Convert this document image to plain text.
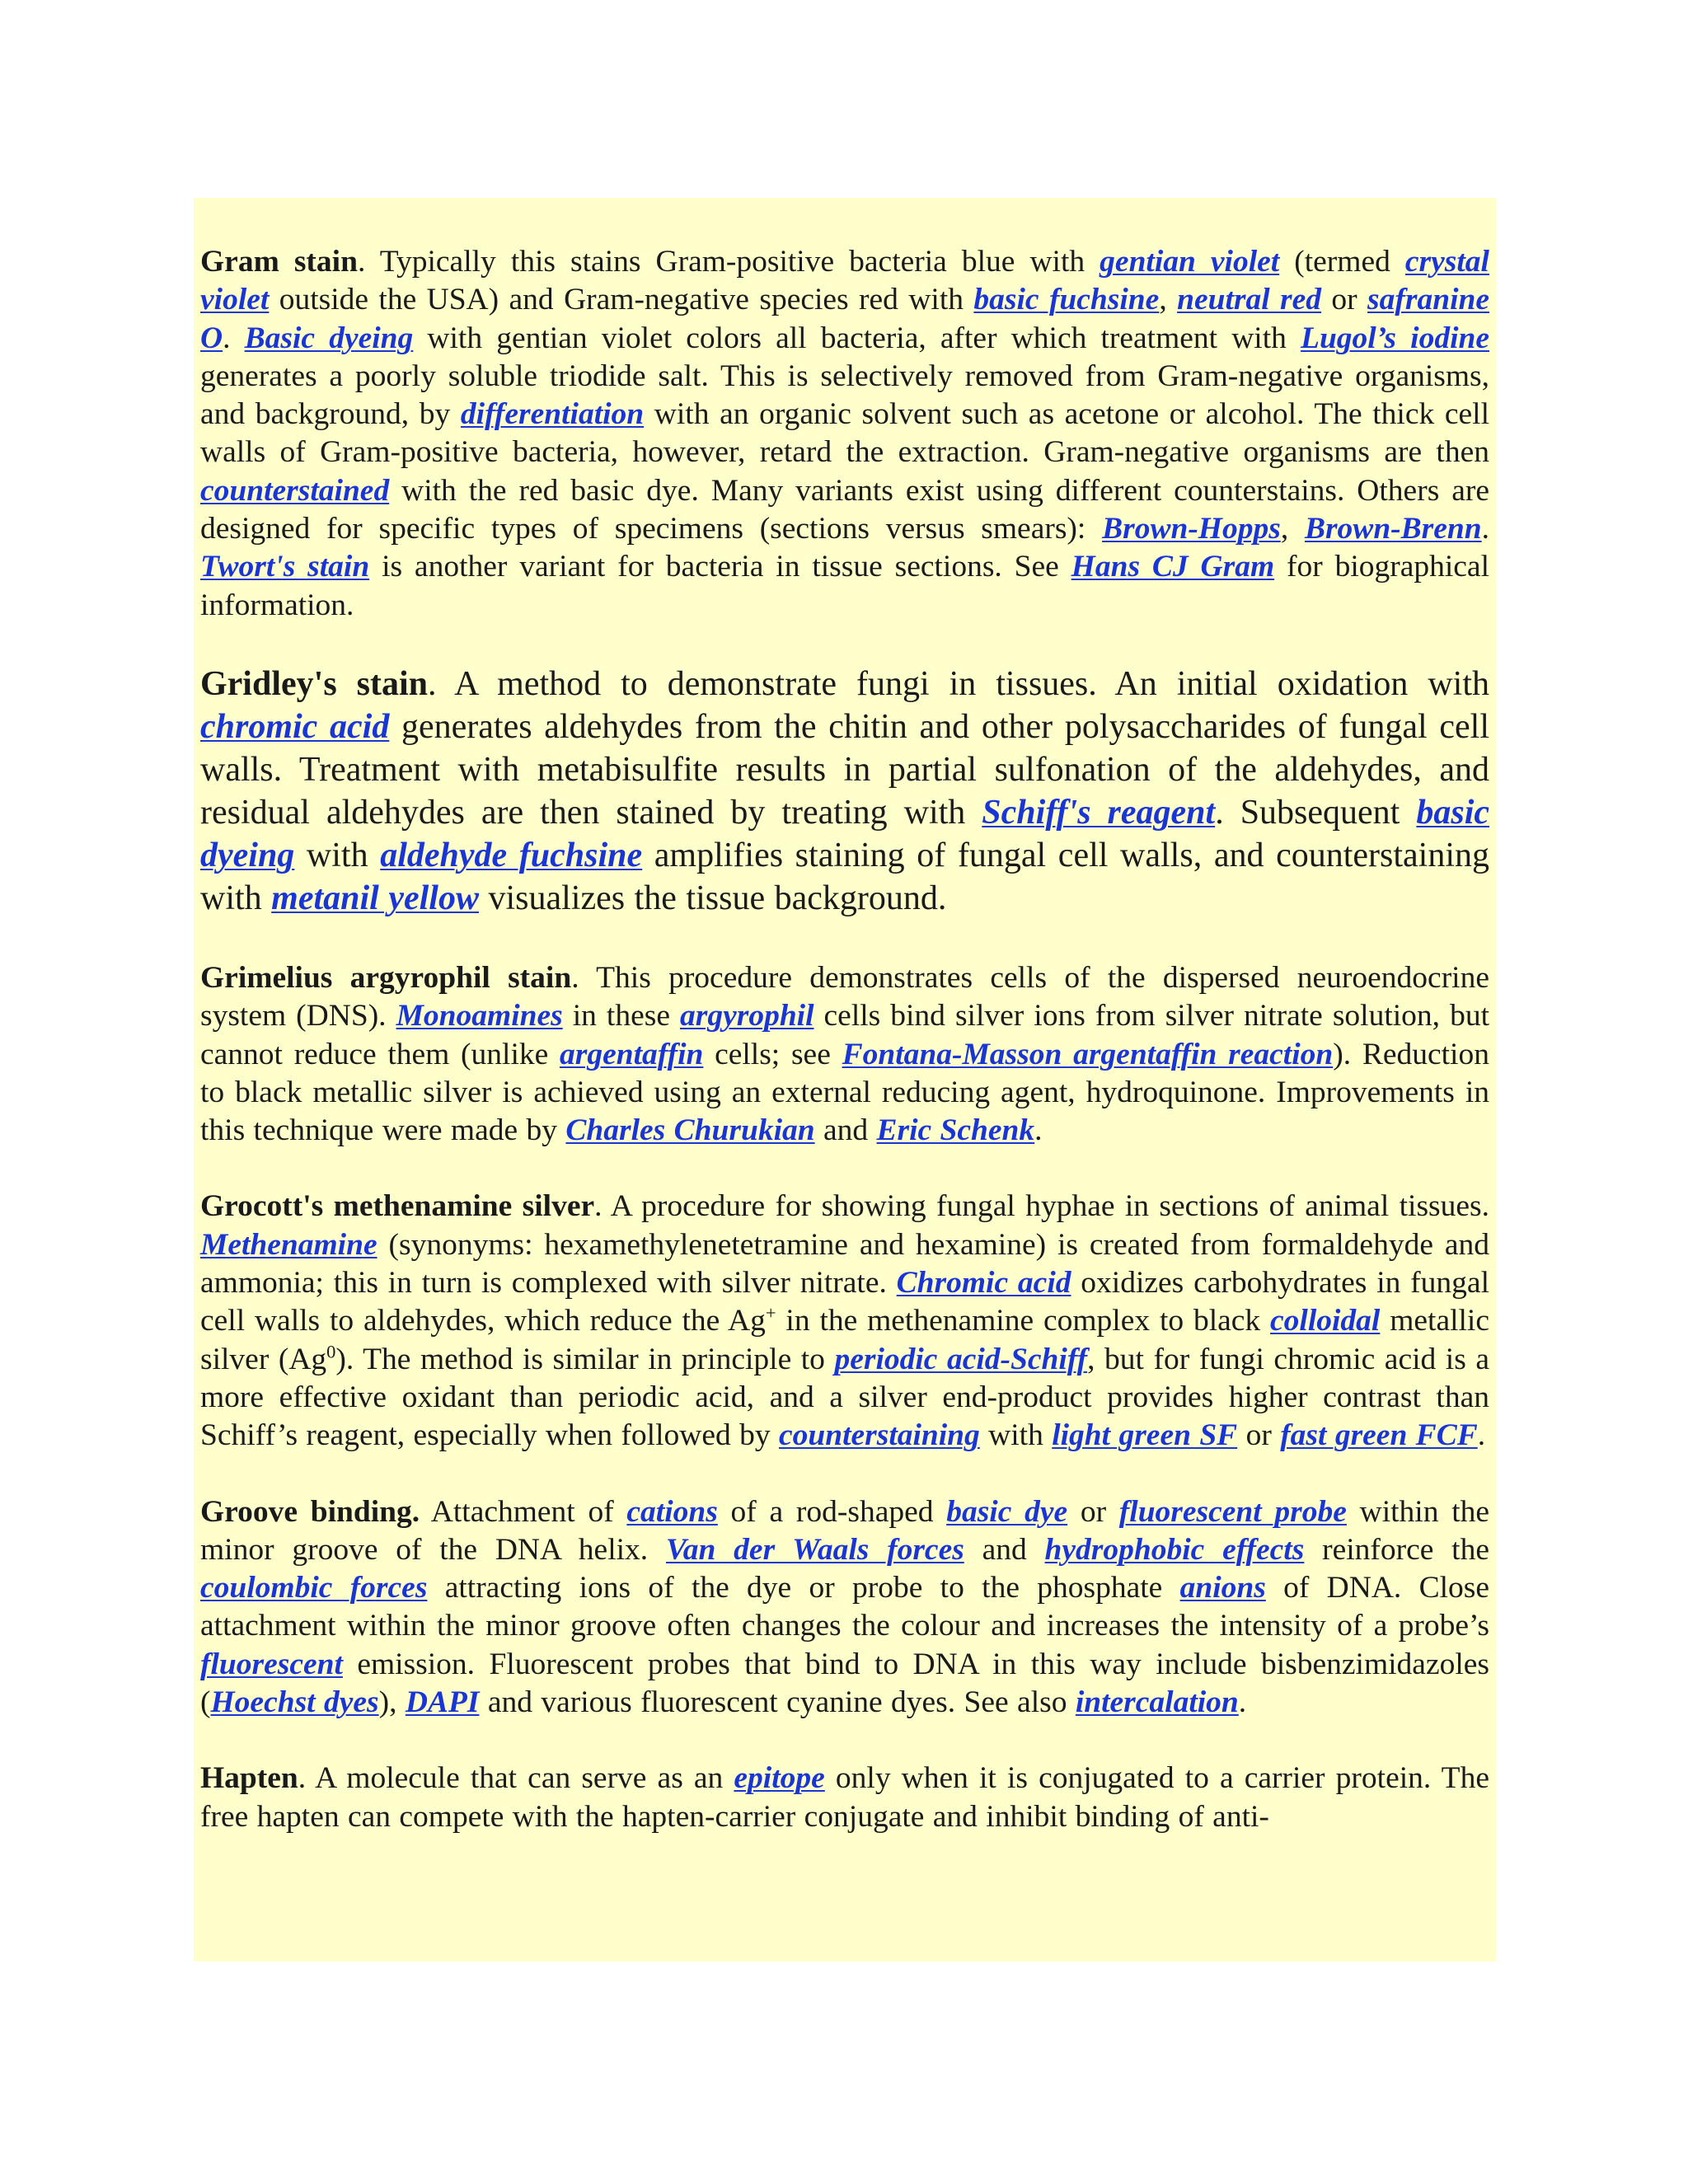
Gram stain. Typically this stains Gram-positive bacteria blue with gentian violet (termed crystal violet outside the USA) and Gram-negative species red with basic fuchsine, neutral red or safranine O. Basic dyeing with gentian violet colors all bacteria, after which treatment with Lugol’s iodine generates a poorly soluble triodide salt. This is selectively removed from Gram-negative organisms, and background, by differentiation with an organic solvent such as acetone or alcohol. The thick cell walls of Gram-positive bacteria, however, retard the extraction. Gram-negative organisms are then counterstained with the red basic dye. Many variants exist using different counterstains. Others are designed for specific types of specimens (sections versus smears): Brown-Hopps, Brown-Brenn. Twort's stain is another variant for bacteria in tissue sections. See Hans CJ Gram for biographical information.

Gridley's stain. A method to demonstrate fungi in tissues. An initial oxidation with chromic acid generates aldehydes from the chitin and other polysaccharides of fungal cell walls. Treatment with metabisulfite results in partial sulfonation of the aldehydes, and residual aldehydes are then stained by treating with Schiff's reagent. Subsequent basic dyeing with aldehyde fuchsine amplifies staining of fungal cell walls, and counterstaining with metanil yellow visualizes the tissue background.

Grimelius argyrophil stain. This procedure demonstrates cells of the dispersed neuroendocrine system (DNS). Monoamines in these argyrophil cells bind silver ions from silver nitrate solution, but cannot reduce them (unlike argentaffin cells; see Fontana-Masson argentaffin reaction). Reduction to black metallic silver is achieved using an external reducing agent, hydroquinone. Improvements in this technique were made by Charles Churukian and Eric Schenk.

Grocott's methenamine silver. A procedure for showing fungal hyphae in sections of animal tissues. Methenamine (synonyms: hexamethylenetetramine and hexamine) is created from formaldehyde and ammonia; this in turn is complexed with silver nitrate. Chromic acid oxidizes carbohydrates in fungal cell walls to aldehydes, which reduce the Ag+ in the methenamine complex to black colloidal metallic silver (Ag$^0$). The method is similar in principle to periodic acid-Schiff, but for fungi chromic acid is a more effective oxidant than periodic acid, and a silver end-product provides higher contrast than Schiff’s reagent, especially when followed by counterstaining with light green SF or fast green FCF.

Groove binding. Attachment of cations of a rod-shaped basic dye or fluorescent probe within the minor groove of the DNA helix. Van der Waals forces and hydrophobic effects reinforce the coulombic forces attracting ions of the dye or probe to the phosphate anions of DNA. Close attachment within the minor groove often changes the colour and increases the intensity of a probe’s fluorescent emission. Fluorescent probes that bind to DNA in this way include bisbenzimidazoles (Hoechst dyes), DAPI and various fluorescent cyanine dyes. See also intercalation.

Hapten. A molecule that can serve as an epitope only when it is conjugated to a carrier protein. The free hapten can compete with the hapten-carrier conjugate and inhibit binding of anti-
